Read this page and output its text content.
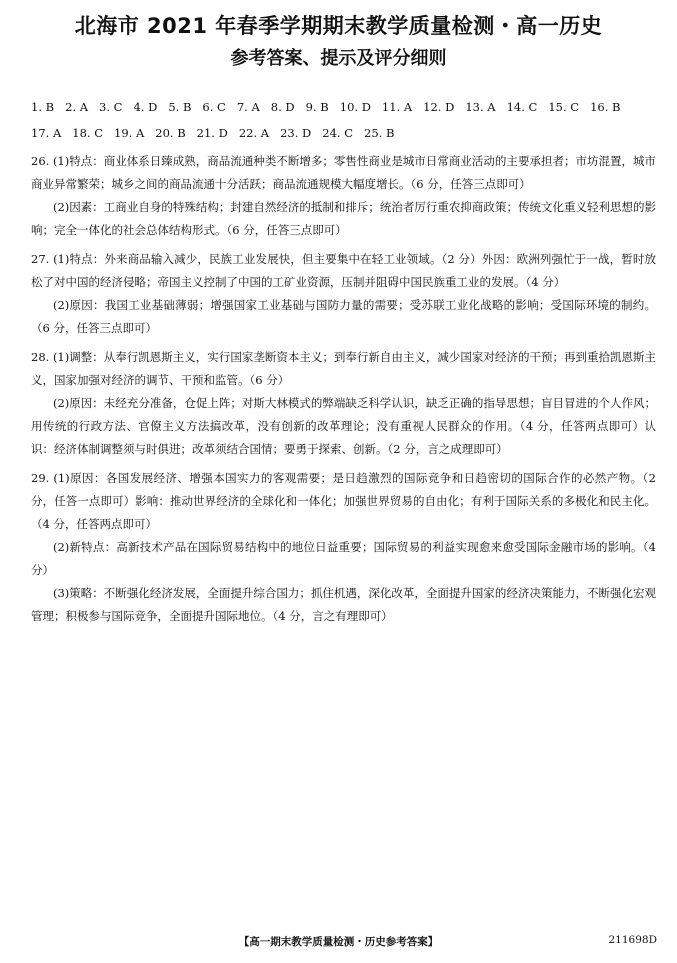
北海市 2021 年春季学期期末教学质量检测・高一历史
参考答案、提示及评分细则
1. B 2. A 3. C 4. D 5. B 6. C 7. A 8. D 9. B 10. D 11. A 12. D 13. A 14. C 15. C 16. B
17. A 18. C 19. A 20. B 21. D 22. A 23. D 24. C 25. B

26. (1)特点：商业体系日臻成熟，商品流通种类不断增多；零售性商业是城市日常商业活动的主要承担者；市坊混置，城市商业异常繁荣；城乡之间的商品流通十分活跃；商品流通规模大幅度增长。（6 分，任答三点即可）

(2)因素：工商业自身的特殊结构；封建自然经济的抵制和排斥；统治者厉行重农抑商政策；传统文化重义轻利思想的影响；完全一体化的社会总体结构形式。（6 分，任答三点即可）

27. (1)特点：外来商品输入减少，民族工业发展快，但主要集中在轻工业领域。（2 分）外因：欧洲列强忙于一战，暂时放松了对中国的经济侵略；帝国主义控制了中国的工矿业资源，压制并阻碍中国民族重工业的发展。（4 分）

(2)原因：我国工业基础薄弱；增强国家工业基础与国防力量的需要；受苏联工业化战略的影响；受国际环境的制约。（6 分，任答三点即可）

28. (1)调整：从奉行凯恩斯主义，实行国家垄断资本主义；到奉行新自由主义，减少国家对经济的干预；再到重拾凯恩斯主义，国家加强对经济的调节、干预和监管。（6 分）

(2)原因：未经充分准备，仓促上阵；对斯大林模式的弊端缺乏科学认识，缺乏正确的指导思想；盲目冒进的个人作风；用传统的行政方法、官僚主义方法搞改革，没有创新的改革理论；没有重视人民群众的作用。（4 分，任答两点即可）认识：经济体制调整须与时俱进；改革须结合国情；要勇于探索、创新。（2 分，言之成理即可）

29. (1)原因：各国发展经济、增强本国实力的客观需要；是日趋激烈的国际竞争和日趋密切的国际合作的必然产物。（2 分，任答一点即可）影响：推动世界经济的全球化和一体化；加强世界贸易的自由化；有利于国际关系的多极化和民主化。（4 分，任答两点即可）

(2)新特点：高新技术产品在国际贸易结构中的地位日益重要；国际贸易的利益实现愈来愈受国际金融市场的影响。（4 分）

(3)策略：不断强化经济发展，全面提升综合国力；抓住机遇，深化改革，全面提升国家的经济决策能力，不断强化宏观管理；积极参与国际竞争，全面提升国际地位。（4 分，言之有理即可）

【高一期末教学质量检测・历史参考答案】	211698D
